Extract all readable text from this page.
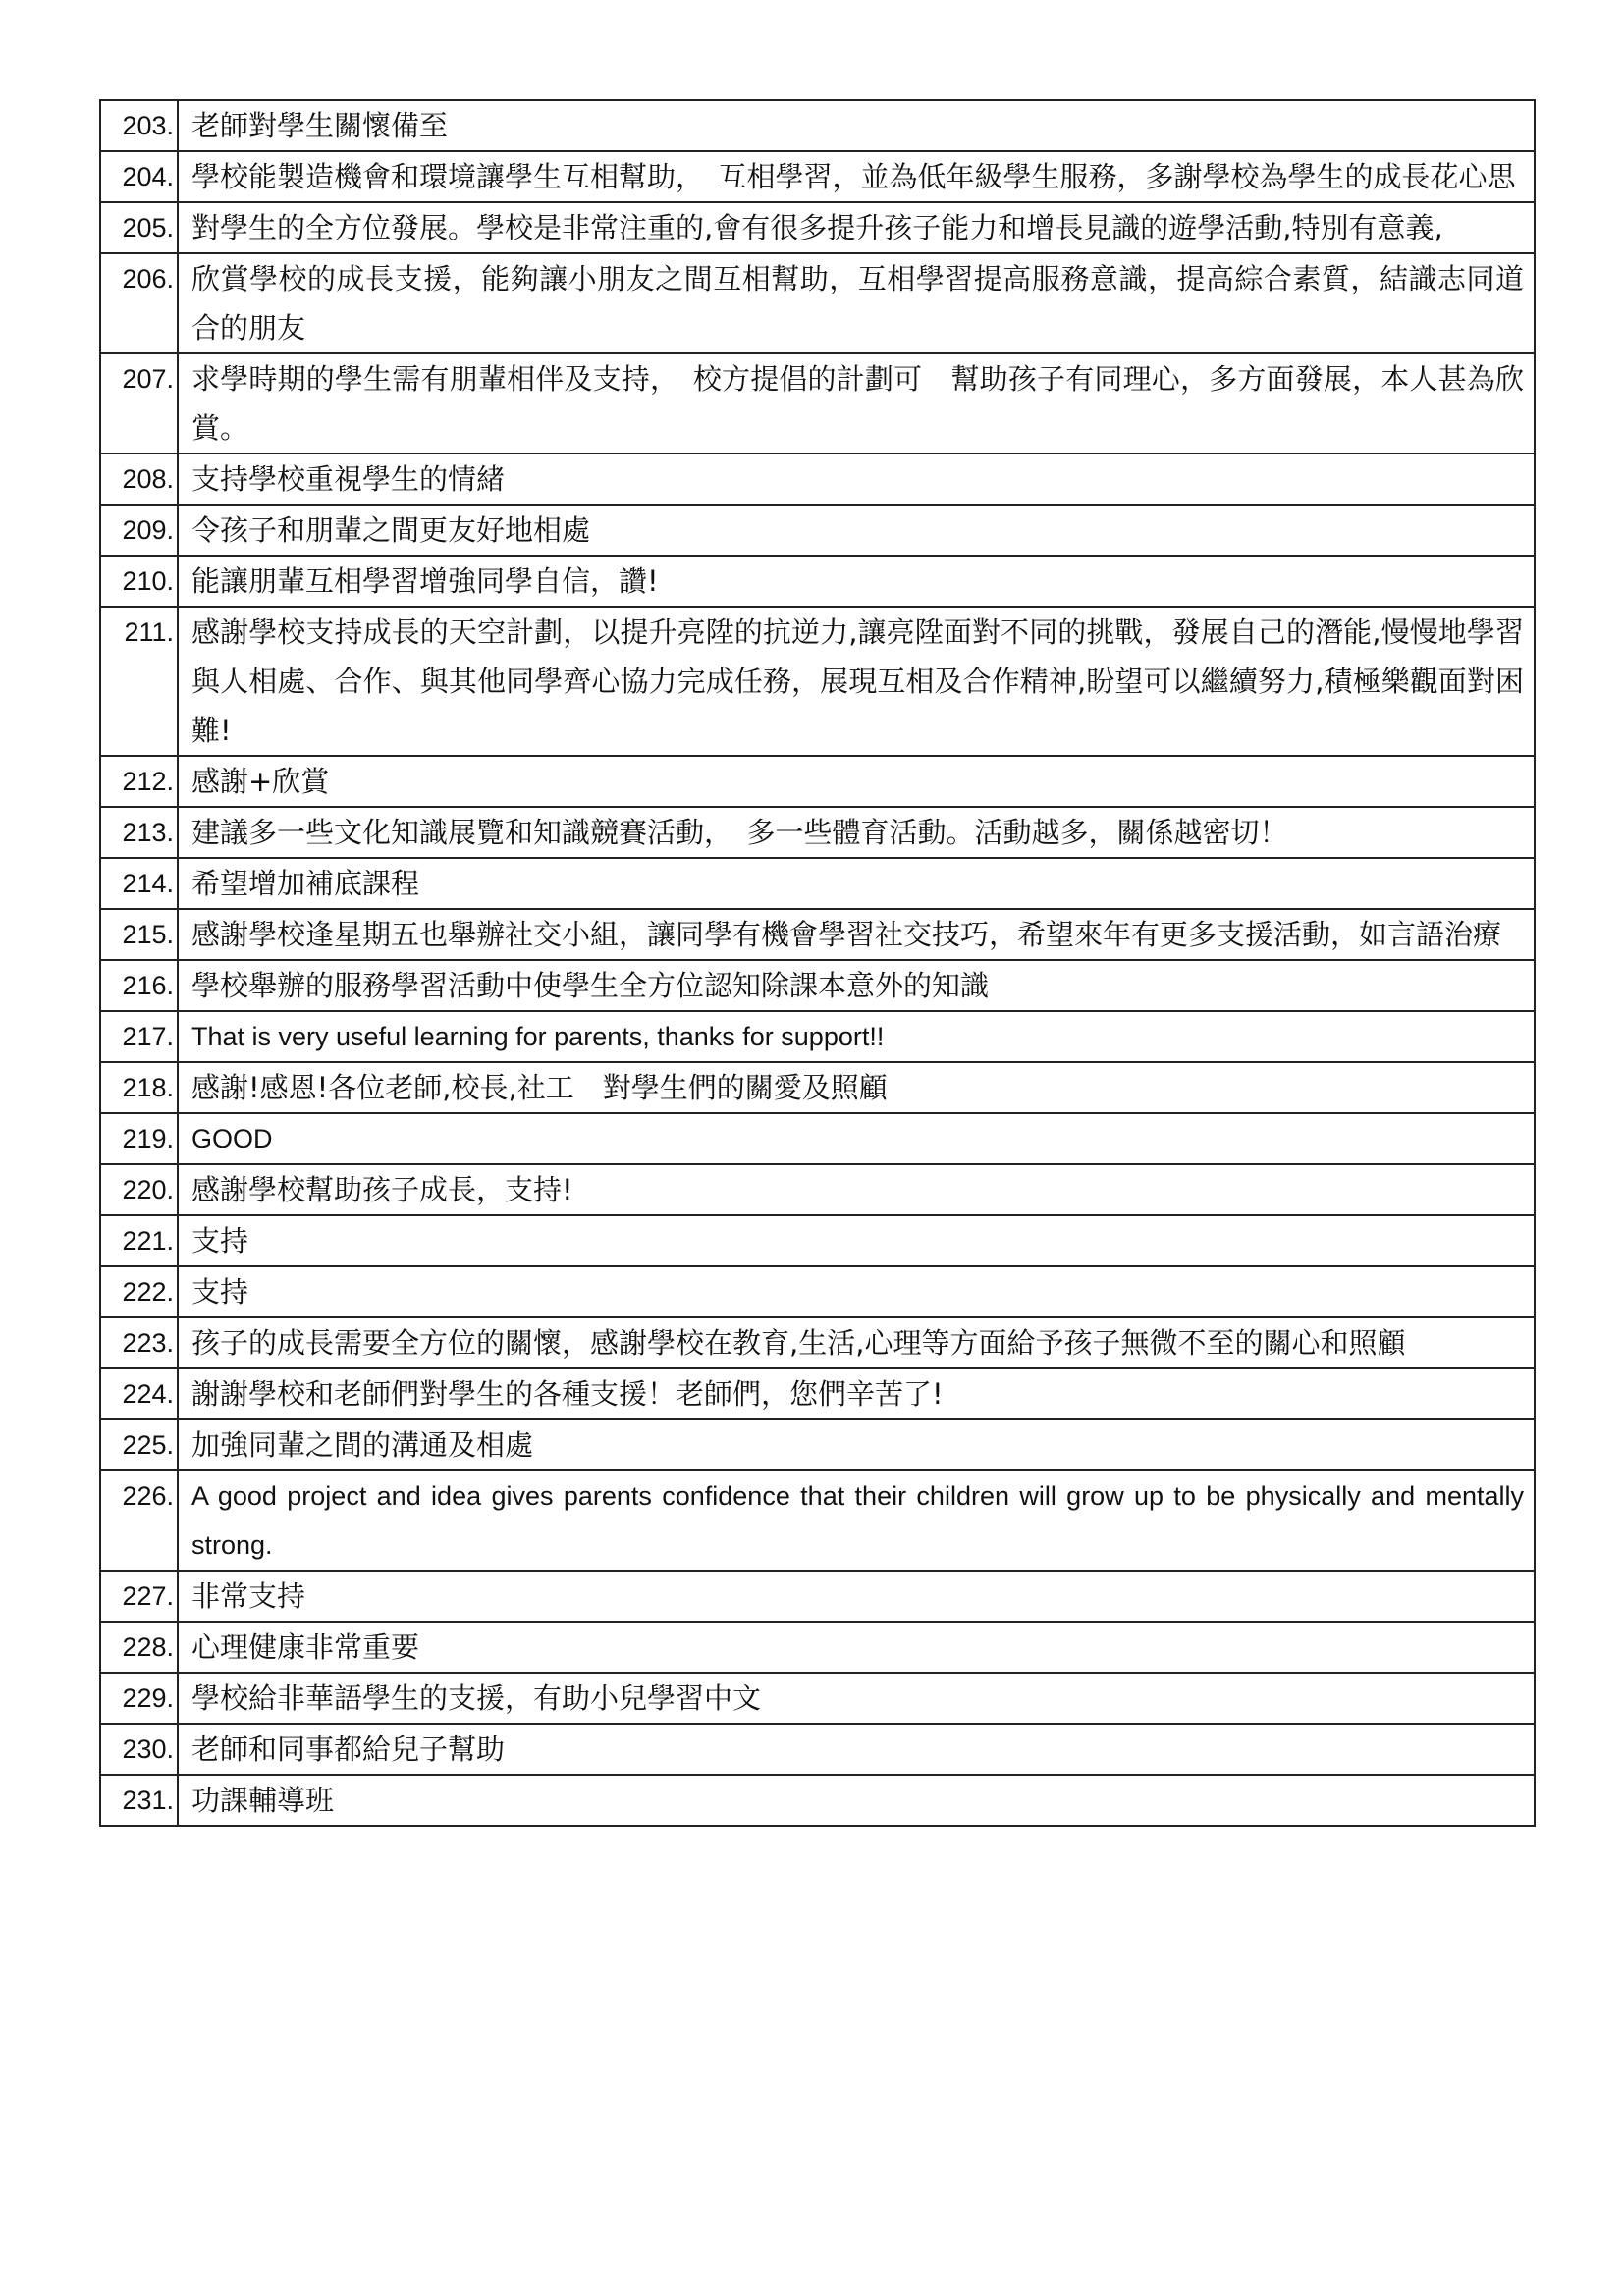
203.	老師對學生關懷備至
204.	學校能製造機會和環境讓學生互相幫助，　互相學習，並為低年級學生服務，多謝學校為學生的成長花心思
205.	對學生的全方位發展。學校是非常注重的,會有很多提升孩子能力和增長見識的遊學活動,特別有意義,
206.	欣賞學校的成長支援，能夠讓小朋友之間互相幫助，互相學習提高服務意識，提高綜合素質，結識志同道合的朋友
207.	求學時期的學生需有朋輩相伴及支持，　校方提倡的計劃可　幫助孩子有同理心，多方面發展，本人甚為欣賞。
208.	支持學校重視學生的情緒
209.	令孩子和朋輩之間更友好地相處
210.	能讓朋輩互相學習增強同學自信，讚!
211.	感謝學校支持成長的天空計劃，以提升亮陞的抗逆力,讓亮陞面對不同的挑戰，發展自己的潛能,慢慢地學習與人相處、合作、與其他同學齊心協力完成任務，展現互相及合作精神,盼望可以繼續努力,積極樂觀面對困難!
212.	感謝+欣賞
213.	建議多一些文化知識展覽和知識競賽活動，　多一些體育活動。活動越多，關係越密切！
214.	希望增加補底課程
215.	感謝學校逢星期五也舉辦社交小組，讓同學有機會學習社交技巧，希望來年有更多支援活動，如言語治療
216.	學校舉辦的服務學習活動中使學生全方位認知除課本意外的知識
217.	That is very useful learning for parents, thanks for support!!
218.	感謝!感恩!各位老師,校長,社工　對學生們的關愛及照顧
219.	GOOD
220.	感謝學校幫助孩子成長，支持!
221.	支持
222.	支持
223.	孩子的成長需要全方位的關懷，感謝學校在教育,生活,心理等方面給予孩子無微不至的關心和照顧
224.	謝謝學校和老師們對學生的各種支援！老師們，您們辛苦了!
225.	加強同輩之間的溝通及相處
226.	A good project and idea gives parents confidence that their children will grow up to be physically and mentally strong.
227.	非常支持
228.	心理健康非常重要
229.	學校給非華語學生的支援，有助小兒學習中文
230.	老師和同事都給兒子幫助
231.	功課輔導班
